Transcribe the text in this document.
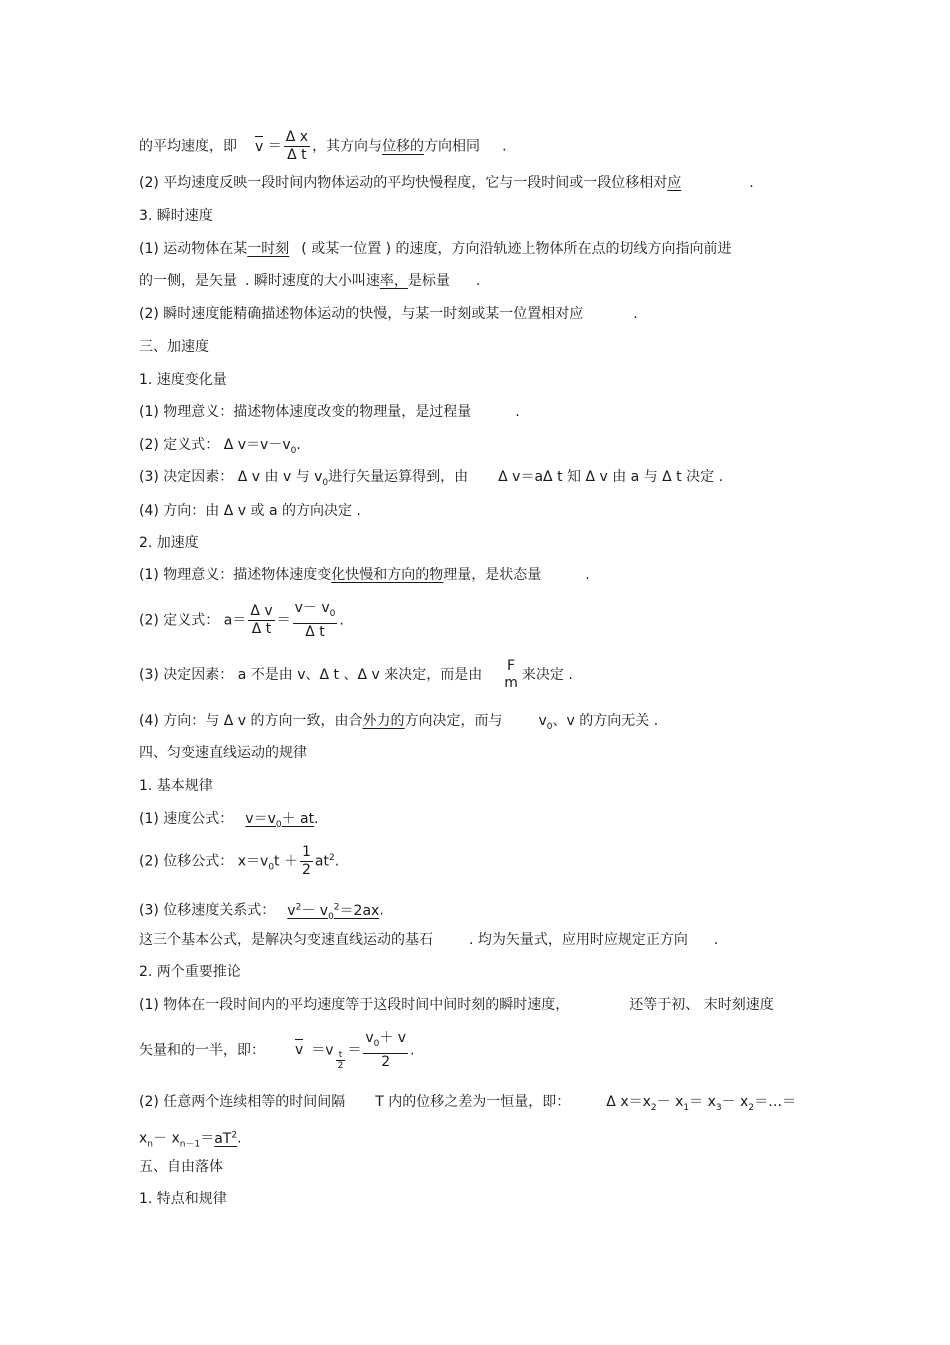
的平均速度，即 $v = \frac{\text{Δ x}}{\text{Δ t}}$ ，其方向与位移的方向相同 .
(2) 平均速度反映一段时间内物体运动的平均快慢程度，它与一段时间或一段位移相对应	.
3. 瞬时速度
(1) 运动物体在某一时刻 ( 或某一位置 ) 的速度，方向沿轨迹上物体所在点的切线方向指向前进
的一侧，是矢量 . 瞬时速度的大小叫速率，是标量 .
(2) 瞬时速度能精确描述物体运动的快慢，与某一时刻或某一位置相对应	.
三、加速度
1. 速度变化量
(1) 物理意义：描述物体速度改变的物理量，是过程量	.
(2) 定义式： Δ $v=v-v_0$.
(3) 决定因素： Δ v 由 v 与 $v_0$进行矢量运算得到，由 Δ v＝aΔ t 知 Δ v 由 a 与 Δ t 决定 .
(4) 方向：由 Δ v 或 a 的方向决定 .
2. 加速度
(1) 物理意义：描述物体速度变化快慢和方向的物理量，是状态量	.
(2) 定义式： $a= \frac{\text{Δ v}}{\text{Δ t}} = \frac{v- v_0}{\text{Δ t}}$ .
(3) 决定因素： a 不是由 v、Δ t 、Δ v 来决定，而是由
F
m 来决定 .
(4) 方向：与 Δ v 的方向一致，由合外力的方向决定，而与	$v_0$、v 的方向无关 .
四、匀变速直线运动的规律
1. 基本规律
(1) 速度公式： $v=v_0+$ at.
(2) 位移公式： $x=v_0t + \frac{1}{2} at^2$.
(3) 位移速度关系式： $v^2- v_0^2=2ax$.
这三个基本公式，是解决匀变速直线运动的基石	. 均为矢量式，应用时应规定正方向 .
2. 两个重要推论
(1) 物体在一段时间内的平均速度等于这段时间中间时刻的瞬时速度，	还等于初、 末时刻速度
矢量和的一半，即： $v =v \frac{t}{2} = \frac{v_0+ v}{2}$ .
(2) 任意两个连续相等的时间间隔 T 内的位移之差为一恒量，即：	Δ $x=x_2- x_1= x_3-$ $x_2=\dots=$
$x_n- x_{n-1}=aT^2$.
五、自由落体
1. 特点和规律
